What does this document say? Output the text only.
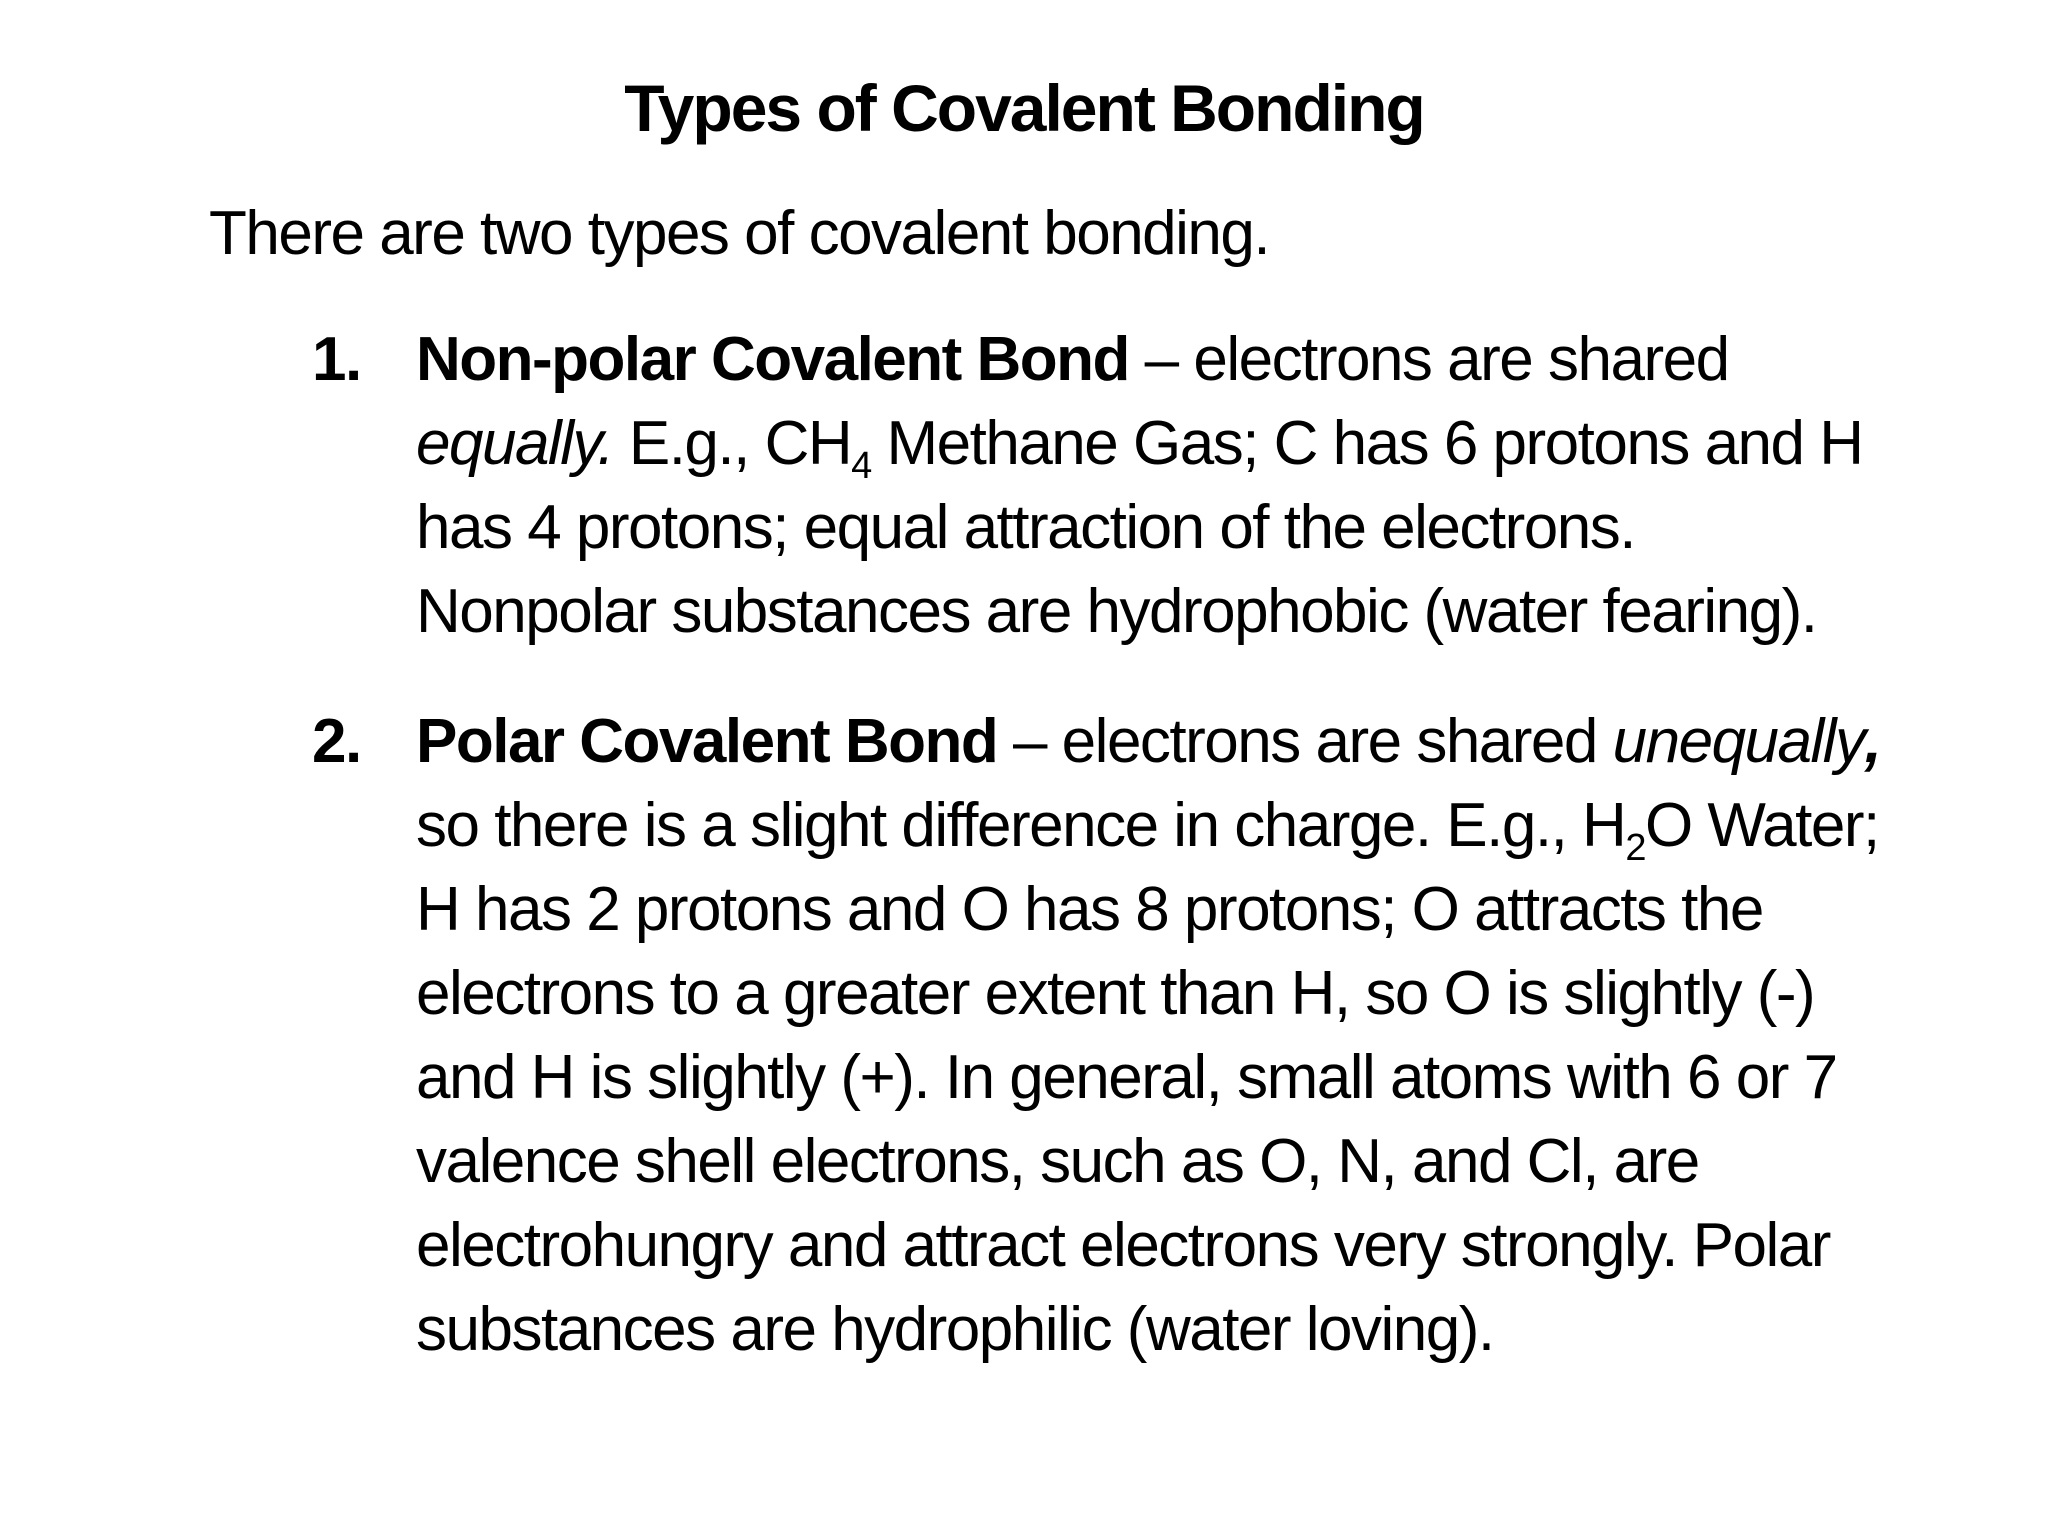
Types of Covalent Bonding

There are two types of covalent bonding.

1. Non-polar Covalent Bond – electrons are shared
equally. E.g., $CH_4$ Methane Gas; C has 6 protons and H
has 4 protons; equal attraction of the electrons.
Nonpolar substances are hydrophobic (water fearing).
2. Polar Covalent Bond – electrons are shared unequally,
so there is a slight difference in charge. E.g., $H_2O$ Water;
H has 2 protons and O has 8 protons; O attracts the
electrons to a greater extent than H, so O is slightly (-)
and H is slightly (+). In general, small atoms with 6 or 7
valence shell electrons, such as O, N, and Cl, are
electrohungry and attract electrons very strongly. Polar
substances are hydrophilic (water loving).
